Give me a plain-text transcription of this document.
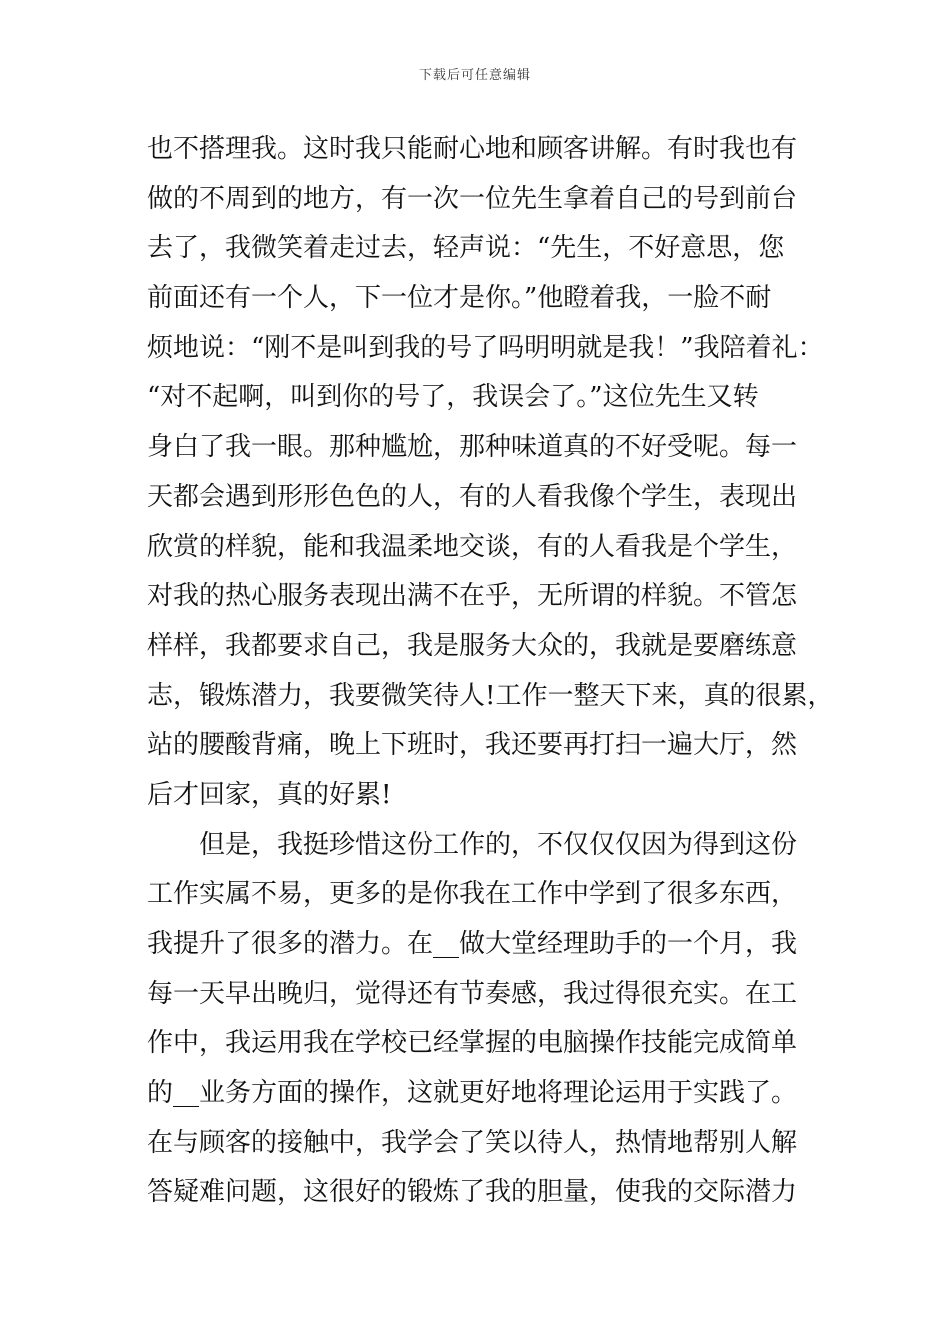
下载后可任意编辑
也不搭理我。这时我只能耐心地和顾客讲解。有时我也有
做的不周到的地方，有一次一位先生拿着自己的号到前台
去了，我微笑着走过去，轻声说：“先生，不好意思，您
前面还有一个人，下一位才是你。”他瞪着我，一脸不耐
烦地说：“刚不是叫到我的号了吗明明就是我！”我陪着礼：
“对不起啊，叫到你的号了，我误会了。”这位先生又转
身白了我一眼。那种尴尬，那种味道真的不好受呢。每一
天都会遇到形形色色的人，有的人看我像个学生，表现出
欣赏的样貌，能和我温柔地交谈，有的人看我是个学生，
对我的热心服务表现出满不在乎，无所谓的样貌。不管怎
样样，我都要求自己，我是服务大众的，我就是要磨练意
志，锻炼潜力，我要微笑待人!工作一整天下来，真的很累，
站的腰酸背痛，晚上下班时，我还要再打扫一遍大厅，然
后才回家，真的好累!
　　但是，我挺珍惜这份工作的，不仅仅仅因为得到这份
工作实属不易，更多的是你我在工作中学到了很多东西，
我提升了很多的潜力。在__做大堂经理助手的一个月，我
每一天早出晚归，觉得还有节奏感，我过得很充实。在工
作中，我运用我在学校已经掌握的电脑操作技能完成简单
的__业务方面的操作，这就更好地将理论运用于实践了。
在与顾客的接触中，我学会了笑以待人，热情地帮别人解
答疑难问题，这很好的锻炼了我的胆量，使我的交际潜力
